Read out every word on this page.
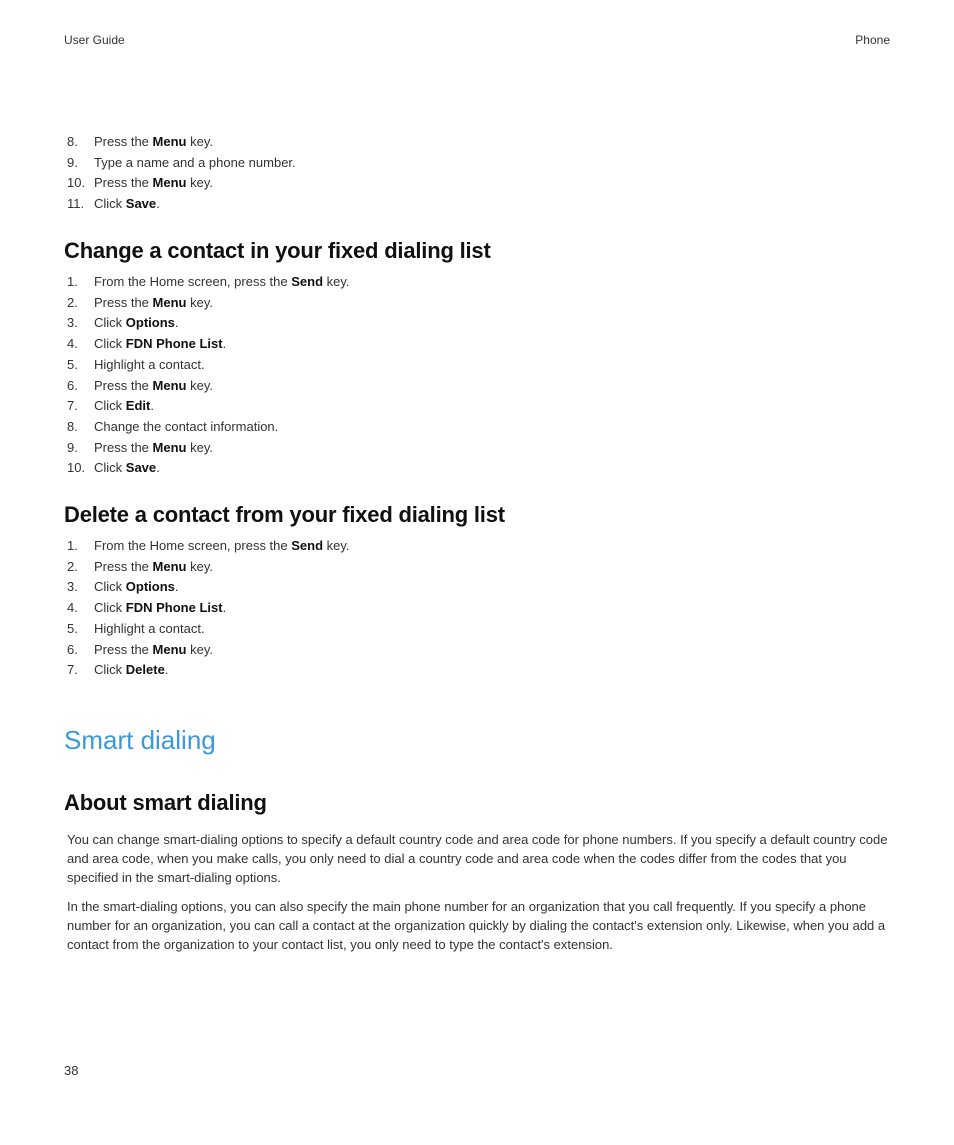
User Guide	Phone
8. Press the Menu key.
9. Type a name and a phone number.
10. Press the Menu key.
11. Click Save.
Change a contact in your fixed dialing list
1. From the Home screen, press the Send key.
2. Press the Menu key.
3. Click Options.
4. Click FDN Phone List.
5. Highlight a contact.
6. Press the Menu key.
7. Click Edit.
8. Change the contact information.
9. Press the Menu key.
10. Click Save.
Delete a contact from your fixed dialing list
1. From the Home screen, press the Send key.
2. Press the Menu key.
3. Click Options.
4. Click FDN Phone List.
5. Highlight a contact.
6. Press the Menu key.
7. Click Delete.
Smart dialing
About smart dialing

You can change smart-dialing options to specify a default country code and area code for phone numbers. If you specify a default country code and area code, when you make calls, you only need to dial a country code and area code when the codes differ from the codes that you specified in the smart-dialing options.

In the smart-dialing options, you can also specify the main phone number for an organization that you call frequently. If you specify a phone number for an organization, you can call a contact at the organization quickly by dialing the contact's extension only. Likewise, when you add a contact from the organization to your contact list, you only need to type the contact's extension.

38
